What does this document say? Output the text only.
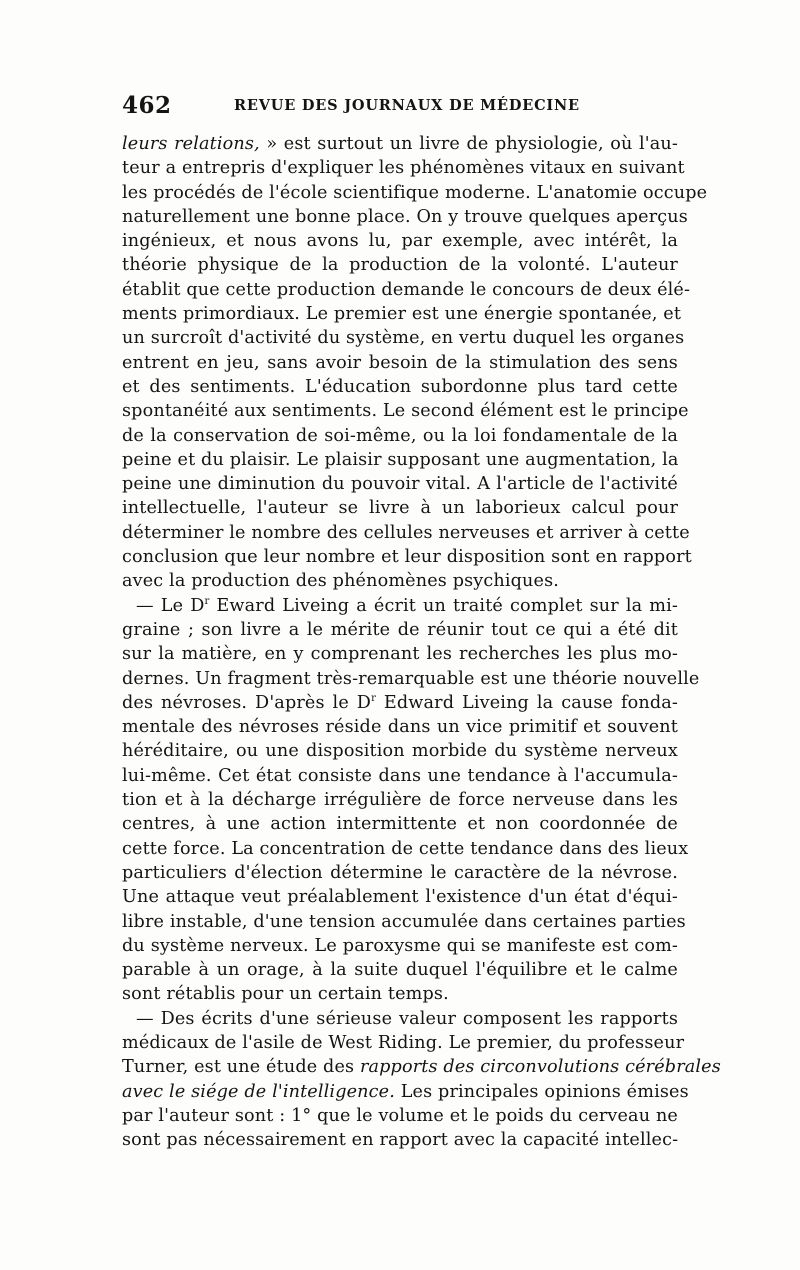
462	REVUE DES JOURNAUX DE MÉDECINE
leurs relations, » est surtout un livre de physiologie, où l'au-
teur a entrepris d'expliquer les phénomènes vitaux en suivant
les procédés de l'école scientifique moderne. L'anatomie occupe
naturellement une bonne place. On y trouve quelques aperçus
ingénieux, et nous avons lu, par exemple, avec intérêt, la
théorie physique de la production de la volonté. L'auteur
établit que cette production demande le concours de deux élé-
ments primordiaux. Le premier est une énergie spontanée, et
un surcroît d'activité du système, en vertu duquel les organes
entrent en jeu, sans avoir besoin de la stimulation des sens
et des sentiments. L'éducation subordonne plus tard cette
spontanéité aux sentiments. Le second élément est le principe
de la conservation de soi-même, ou la loi fondamentale de la
peine et du plaisir. Le plaisir supposant une augmentation, la
peine une diminution du pouvoir vital. A l'article de l'activité
intellectuelle, l'auteur se livre à un laborieux calcul pour
déterminer le nombre des cellules nerveuses et arriver à cette
conclusion que leur nombre et leur disposition sont en rapport
avec la production des phénomènes psychiques.
— Le $D^r$ Eward Liveing a écrit un traité complet sur la mi-
graine ; son livre a le mérite de réunir tout ce qui a été dit
sur la matière, en y comprenant les recherches les plus mo-
dernes. Un fragment très-remarquable est une théorie nouvelle
des névroses. D'après le $D^r$ Edward Liveing la cause fonda-
mentale des névroses réside dans un vice primitif et souvent
héréditaire, ou une disposition morbide du système nerveux
lui-même. Cet état consiste dans une tendance à l'accumula-
tion et à la décharge irrégulière de force nerveuse dans les
centres, à une action intermittente et non coordonnée de
cette force. La concentration de cette tendance dans des lieux
particuliers d'élection détermine le caractère de la névrose.
Une attaque veut préalablement l'existence d'un état d'équi-
libre instable, d'une tension accumulée dans certaines parties
du système nerveux. Le paroxysme qui se manifeste est com-
parable à un orage, à la suite duquel l'équilibre et le calme
sont rétablis pour un certain temps.
— Des écrits d'une sérieuse valeur composent les rapports
médicaux de l'asile de West Riding. Le premier, du professeur
Turner, est une étude des rapports des circonvolutions cérébrales
avec le siége de l'intelligence. Les principales opinions émises
par l'auteur sont : 1° que le volume et le poids du cerveau ne
sont pas nécessairement en rapport avec la capacité intellec-
